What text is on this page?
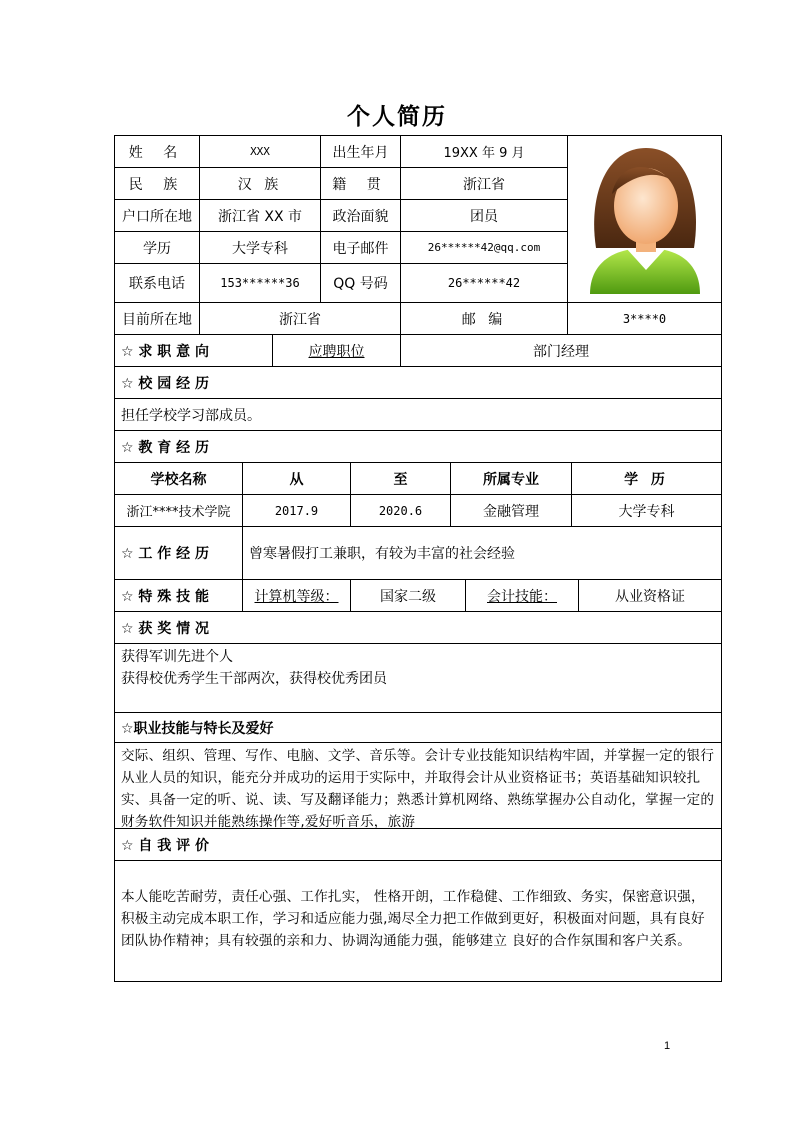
个人简历
姓 名	XXX	出生年月	19XX 年 9 月
民 族	汉 族	籍 贯	浙江省
户口所在地	浙江省 XX 市	政治面貌	团员
学历	大学专科	电子邮件	26******42@qq.com
联系电话	153******36	QQ 号码	26******42
目前所在地	浙江省	邮 编	3****0
☆ 求 职 意 向	应聘职位	部门经理
☆ 校 园 经 历
担任学校学习部成员。
☆ 教 育 经 历
学校名称	从	至	所属专业	学 历
浙江****技术学院	2017.9	2020.6	金融管理	大学专科
☆ 工 作 经 历	曾寒暑假打工兼职，有较为丰富的社会经验
☆ 特 殊 技 能	计算机等级：	国家二级	会计技能：	从业资格证
☆ 获 奖 情 况
获得军训先进个人
获得校优秀学生干部两次，获得校优秀团员
☆职业技能与特长及爱好
交际、组织、管理、写作、电脑、文学、音乐等。会计专业技能知识结构牢固，并掌握一定的银行从业人员的知识，能充分并成功的运用于实际中，并取得会计从业资格证书；英语基础知识较扎实、具备一定的听、说、读、写及翻译能力；熟悉计算机网络、熟练掌握办公自动化，掌握一定的财务软件知识并能熟练操作等,爱好听音乐，旅游
☆ 自 我 评 价
本人能吃苦耐劳，责任心强、工作扎实， 性格开朗，工作稳健、工作细致、务实，保密意识强，积极主动完成本职工作，学习和适应能力强,竭尽全力把工作做到更好，积极面对问题，具有良好团队协作精神；具有较强的亲和力、协调沟通能力强，能够建立 良好的合作氛围和客户关系。
1
